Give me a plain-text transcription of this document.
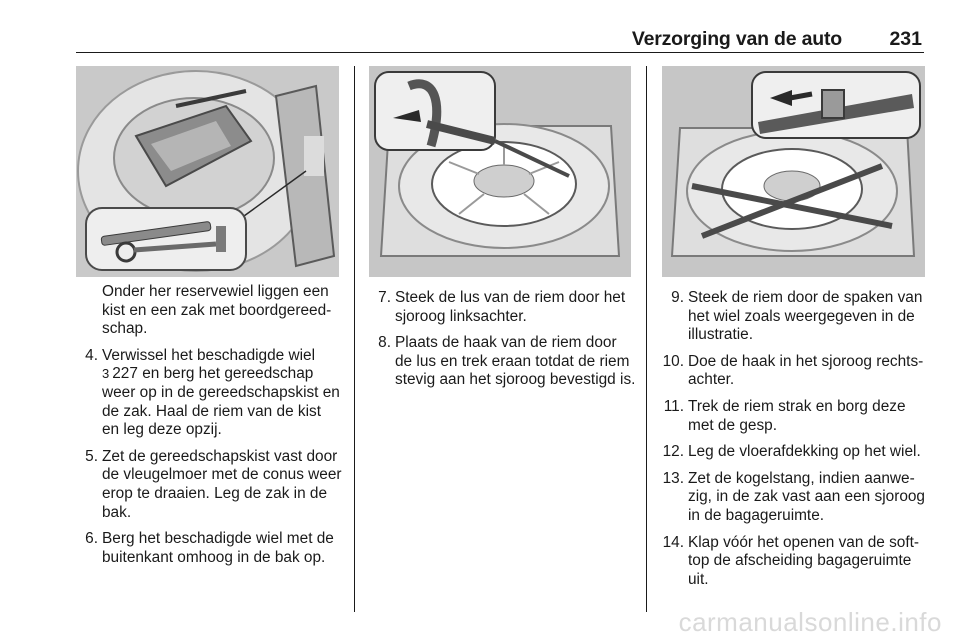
Verzorging van de auto 231

Onder her reservewiel liggen een kist en een zak met boordgereed-schap.

4. Verwissel het beschadigde wiel
3 227 en berg het gereedschap weer op in de gereedschapskist en de zak. Haal de riem van de kist en leg deze opzij.
5. Zet de gereedschapskist vast door de vleugelmoer met de conus weer erop te draaien. Leg de zak in de bak.
6. Berg het beschadigde wiel met de buitenkant omhoog in de bak op.
7. Steek de lus van de riem door het sjoroog linksachter.
8. Plaats de haak van de riem door de lus en trek eraan totdat de riem stevig aan het sjoroog bevestigd is.
9. Steek de riem door de spaken van het wiel zoals weergegeven in de illustratie.
10. Doe de haak in het sjoroog rechts-achter.
11. Trek de riem strak en borg deze met de gesp.
12. Leg de vloerafdekking op het wiel.
13. Zet de kogelstang, indien aanwe-zig, in de zak vast aan een sjoroog in de bagageruimte.
14. Klap vóór het openen van de soft-top de afscheiding bagageruimte uit.
carmanualsonline.info
